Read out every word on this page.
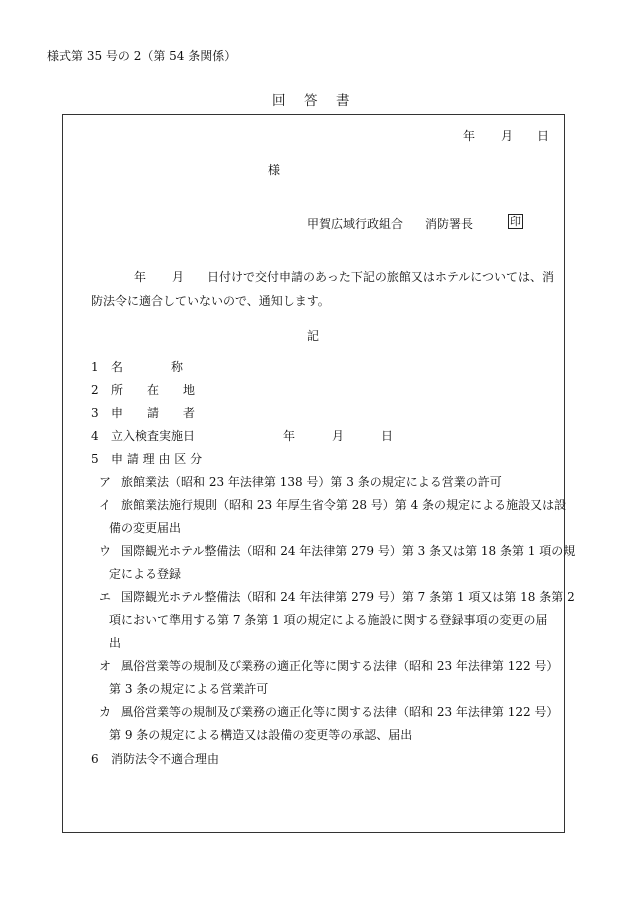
様式第 35 号の 2（第 54 条関係）
回 答 書
年 月 日
様
甲賀広域行政組合 消防署長	印
年 月 日付けで交付申請のあった下記の旅館又はホテルについては、消
防法令に適合していないので、通知します。
記
1 名　　　　称
2 所　　在　　地
3 申　　請　　者
4 立入検査実施日	年	月	日
5 申 請 理 由 区 分
ア 旅館業法（昭和 23 年法律第 138 号）第 3 条の規定による営業の許可
イ 旅館業法施行規則（昭和 23 年厚生省令第 28 号）第 4 条の規定による施設又は設
備の変更届出
ウ 国際観光ホテル整備法（昭和 24 年法律第 279 号）第 3 条又は第 18 条第 1 項の規
定による登録
エ 国際観光ホテル整備法（昭和 24 年法律第 279 号）第 7 条第 1 項又は第 18 条第 2
項において準用する第 7 条第 1 項の規定による施設に関する登録事項の変更の届
出
オ 風俗営業等の規制及び業務の適正化等に関する法律（昭和 23 年法律第 122 号）
第 3 条の規定による営業許可
カ 風俗営業等の規制及び業務の適正化等に関する法律（昭和 23 年法律第 122 号）
第 9 条の規定による構造又は設備の変更等の承認、届出
6 消防法令不適合理由
